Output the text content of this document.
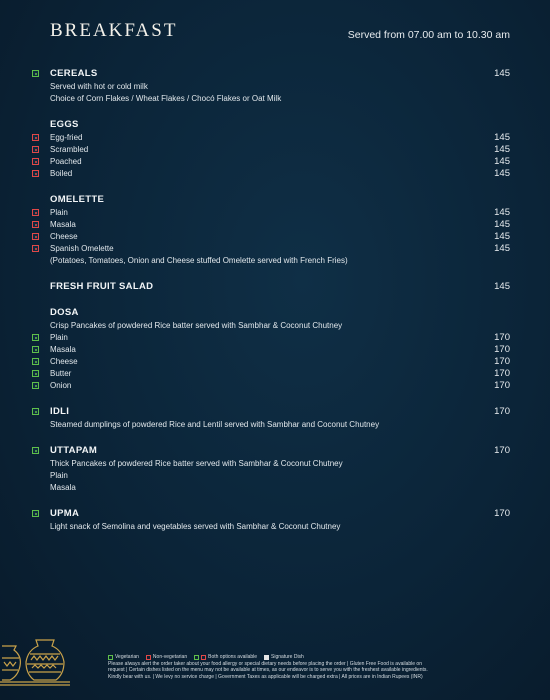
BREAKFAST	Served from 07.00 am to 10.30 am
CEREALS	145
Served with hot or cold milk
Choice of Corn Flakes / Wheat Flakes / Chocó Flakes or Oat Milk
EGGS
Egg-fried	145
Scrambled	145
Poached	145
Boiled	145
OMELETTE
Plain	145
Masala	145
Cheese	145
Spanish Omelette	145
(Potatoes, Tomatoes, Onion and Cheese stuffed Omelette served with French Fries)
FRESH FRUIT SALAD	145
DOSA
Crisp Pancakes of powdered Rice batter served with Sambhar & Coconut Chutney
Plain	170
Masala	170
Cheese	170
Butter	170
Onion	170
IDLI	170
Steamed dumplings of powdered Rice and Lentil served with Sambhar and Coconut Chutney
UTTAPAM	170
Thick Pancakes of powdered Rice batter served with Sambhar & Coconut Chutney
Plain
Masala
UPMA	170
Light snack of Semolina and vegetables served with Sambhar & Coconut Chutney
Vegetarian	Non-vegetarian	Both options available	Signature Dish
Please always alert the order taker about your food allergy or special dietary needs before placing the order | Gluten Free Food is available on
request | Certain dishes listed on the menu may not be available at times, as our endeavor is to serve you with the freshest available ingredients.
Kindly bear with us. | We levy no service charge | Government Taxes as applicable will be charged extra | All prices are in Indian Rupees (INR)
